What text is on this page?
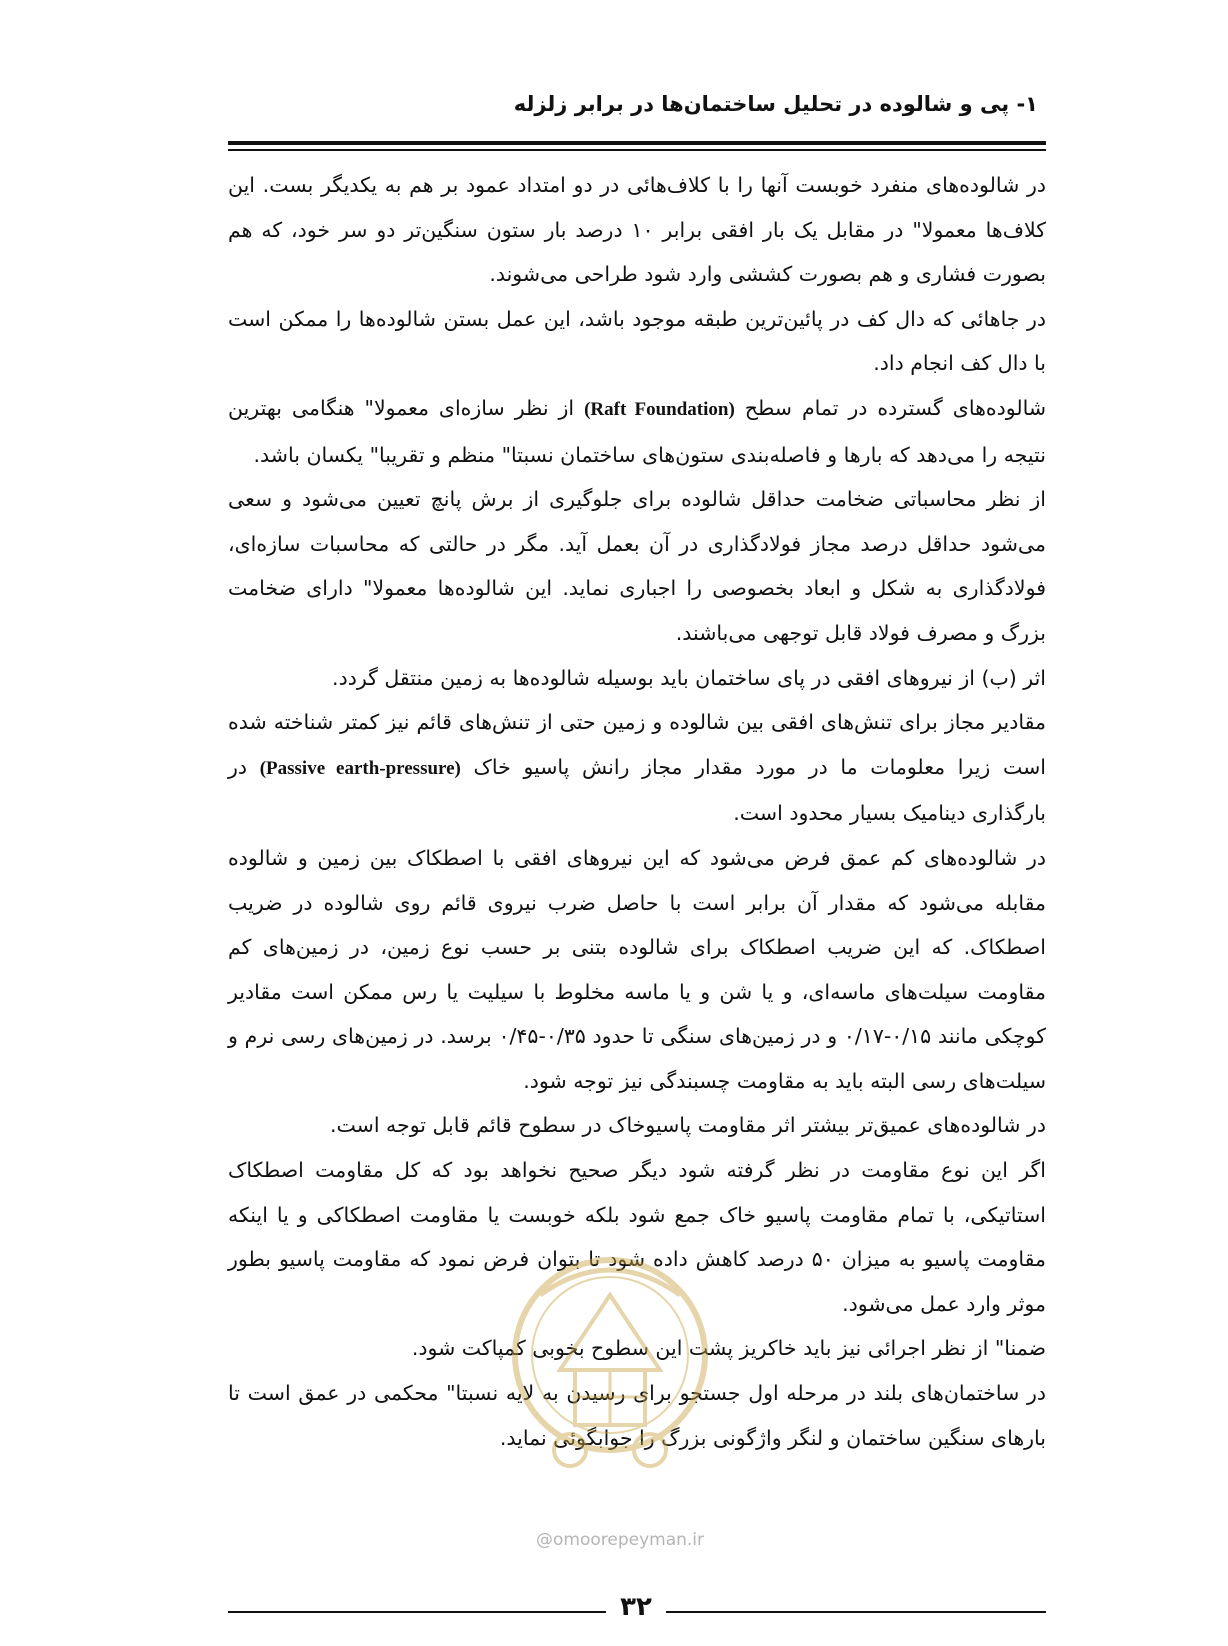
۱- پی و شالوده در تحلیل ساختمان‌ها در برابر زلزله

در شالوده‌های منفرد خوبست آنها را با کلاف‌هائی در دو امتداد عمود بر هم به یکدیگر بست. این کلاف‌ها معمولا" در مقابل یک بار افقی برابر ۱۰ درصد بار ستون سنگین‌تر دو سر خود، که هم بصورت فشاری و هم بصورت کششی وارد شود طراحی می‌شوند.

در جاهائی که دال کف در پائین‌ترین طبقه موجود باشد، این عمل بستن شالوده‌ها را ممکن است با دال کف انجام داد.

شالوده‌های گسترده در تمام سطح (Raft Foundation) از نظر سازه‌ای معمولا" هنگامی بهترین نتیجه را می‌دهد که بارها و فاصله‌بندی ستون‌های ساختمان نسبتا" منظم و تقریبا" یکسان باشد.

از نظر محاسباتی ضخامت حداقل شالوده برای جلوگیری از برش پانچ تعیین می‌شود و سعی می‌شود حداقل درصد مجاز فولادگذاری در آن بعمل آید. مگر در حالتی که محاسبات سازه‌ای، فولادگذاری به شکل و ابعاد بخصوصی را اجباری نماید. این شالوده‌ها معمولا" دارای ضخامت بزرگ و مصرف فولاد قابل توجهی می‌باشند.

اثر (ب) از نیروهای افقی در پای ساختمان باید بوسیله شالوده‌ها به زمین منتقل گردد.

مقادیر مجاز برای تنش‌های افقی بین شالوده و زمین حتی از تنش‌های قائم نیز کمتر شناخته شده است زیرا معلومات ما در مورد مقدار مجاز رانش پاسیو خاک (Passive earth-pressure) در بارگذاری دینامیک بسیار محدود است.

در شالوده‌های کم عمق فرض می‌شود که این نیروهای افقی با اصطکاک بین زمین و شالوده مقابله می‌شود که مقدار آن برابر است با حاصل ضرب نیروی قائم روی شالوده در ضریب اصطکاک. که این ضریب اصطکاک برای شالوده بتنی بر حسب نوع زمین، در زمین‌های کم مقاومت سیلت‌های ماسه‌ای، و یا شن و یا ماسه مخلوط با سیلیت یا رس ممکن است مقادیر کوچکی مانند ۰/۱۵-۰/۱۷ و در زمین‌های سنگی تا حدود ۰/۳۵-۰/۴۵ برسد. در زمین‌های رسی نرم و سیلت‌های رسی البته باید به مقاومت چسبندگی نیز توجه شود.

در شالوده‌های عمیق‌تر بیشتر اثر مقاومت پاسیوخاک در سطوح قائم قابل توجه است.

اگر این نوع مقاومت در نظر گرفته شود دیگر صحیح نخواهد بود که کل مقاومت اصطکاک استاتیکی، با تمام مقاومت پاسیو خاک جمع شود بلکه خوبست یا مقاومت اصطکاکی و یا اینکه مقاومت پاسیو به میزان ۵۰ درصد کاهش داده شود تا بتوان فرض نمود که مقاومت پاسیو بطور موثر وارد عمل می‌شود.

ضمنا" از نظر اجرائی نیز باید خاکریز پشت این سطوح بخوبی کمپاکت شود.

در ساختمان‌های بلند در مرحله اول جستجو برای رسیدن به لایه نسبتا" محکمی در عمق است تا بارهای سنگین ساختمان و لنگر واژگونی بزرگ را جوابگوئی نماید.

@omoorepeyman.ir
۳۲
